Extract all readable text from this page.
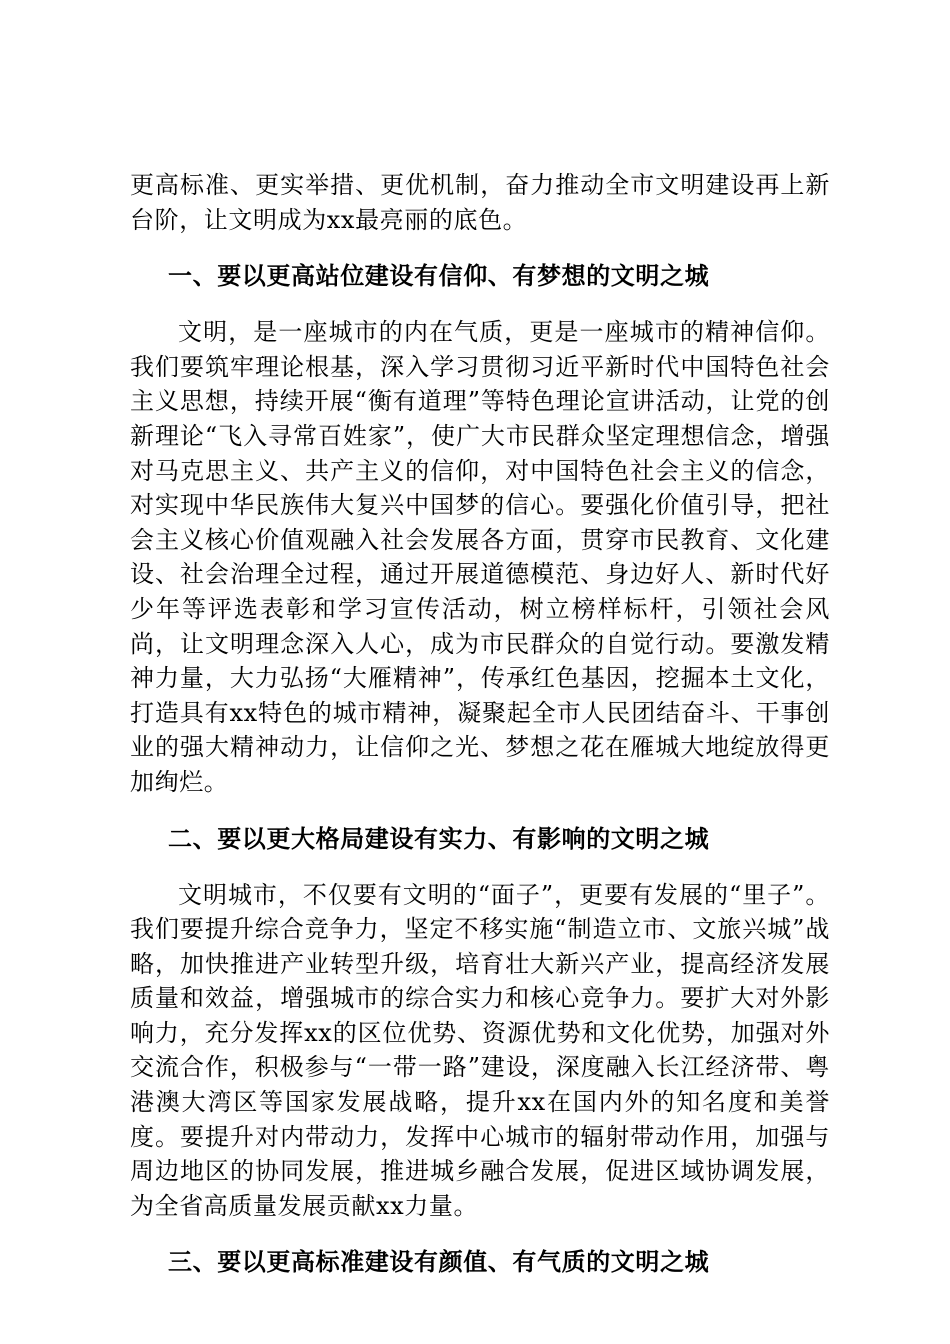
更高标准、更实举措、更优机制，奋力推动全市文明建设再上新台阶，让文明成为xx最亮丽的底色。

一、要以更高站位建设有信仰、有梦想的文明之城

文明，是一座城市的内在气质，更是一座城市的精神信仰。我们要筑牢理论根基，深入学习贯彻习近平新时代中国特色社会主义思想，持续开展“衡有道理”等特色理论宣讲活动，让党的创新理论“飞入寻常百姓家”，使广大市民群众坚定理想信念，增强对马克思主义、共产主义的信仰，对中国特色社会主义的信念，对实现中华民族伟大复兴中国梦的信心。要强化价值引导，把社会主义核心价值观融入社会发展各方面，贯穿市民教育、文化建设、社会治理全过程，通过开展道德模范、身边好人、新时代好少年等评选表彰和学习宣传活动，树立榜样标杆，引领社会风尚，让文明理念深入人心，成为市民群众的自觉行动。要激发精神力量，大力弘扬“大雁精神”，传承红色基因，挖掘本土文化，打造具有xx特色的城市精神，凝聚起全市人民团结奋斗、干事创业的强大精神动力，让信仰之光、梦想之花在雁城大地绽放得更加绚烂。

二、要以更大格局建设有实力、有影响的文明之城

文明城市，不仅要有文明的“面子”，更要有发展的“里子”。我们要提升综合竞争力，坚定不移实施“制造立市、文旅兴城”战略，加快推进产业转型升级，培育壮大新兴产业，提高经济发展质量和效益，增强城市的综合实力和核心竞争力。要扩大对外影响力，充分发挥xx的区位优势、资源优势和文化优势，加强对外交流合作，积极参与“一带一路”建设，深度融入长江经济带、粤港澳大湾区等国家发展战略，提升xx在国内外的知名度和美誉度。要提升对内带动力，发挥中心城市的辐射带动作用，加强与周边地区的协同发展，推进城乡融合发展，促进区域协调发展，为全省高质量发展贡献xx力量。

三、要以更高标准建设有颜值、有气质的文明之城
